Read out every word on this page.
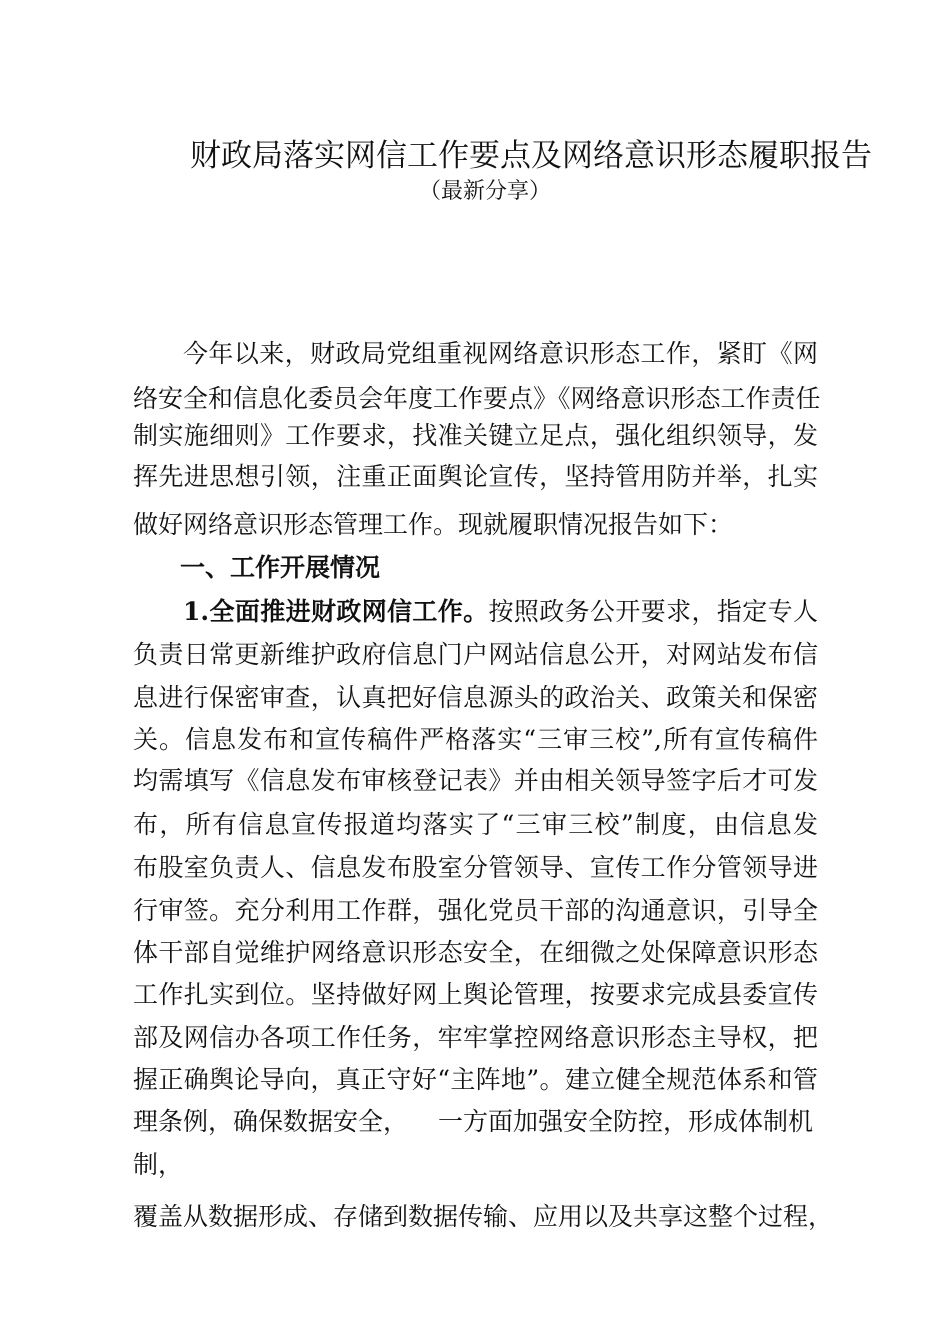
财政局落实网信工作要点及网络意识形态履职报告
（最新分享）
今年以来，财政局党组重视网络意识形态工作，紧盯《网
络安全和信息化委员会年度工作要点》《网络意识形态工作责任
制实施细则》工作要求，找准关键立足点，强化组织领导，发
挥先进思想引领，注重正面舆论宣传，坚持管用防并举，扎实
做好网络意识形态管理工作。现就履职情况报告如下：
一、工作开展情况
1.全面推进财政网信工作。按照政务公开要求，指定专人
负责日常更新维护政府信息门户网站信息公开，对网站发布信
息进行保密审查，认真把好信息源头的政治关、政策关和保密
关。信息发布和宣传稿件严格落实“三审三校”,所有宣传稿件
均需填写《信息发布审核登记表》并由相关领导签字后才可发
布，所有信息宣传报道均落实了“三审三校”制度，由信息发
布股室负责人、信息发布股室分管领导、宣传工作分管领导进
行审签。充分利用工作群，强化党员干部的沟通意识，引导全
体干部自觉维护网络意识形态安全，在细微之处保障意识形态
工作扎实到位。坚持做好网上舆论管理，按要求完成县委宣传
部及网信办各项工作任务，牢牢掌控网络意识形态主导权，把
握正确舆论导向，真正守好“主阵地”。建立健全规范体系和管
理条例，确保数据安全， 一方面加强安全防控，形成体制机
制，
覆盖从数据形成、存储到数据传输、应用以及共享这整个过程，
